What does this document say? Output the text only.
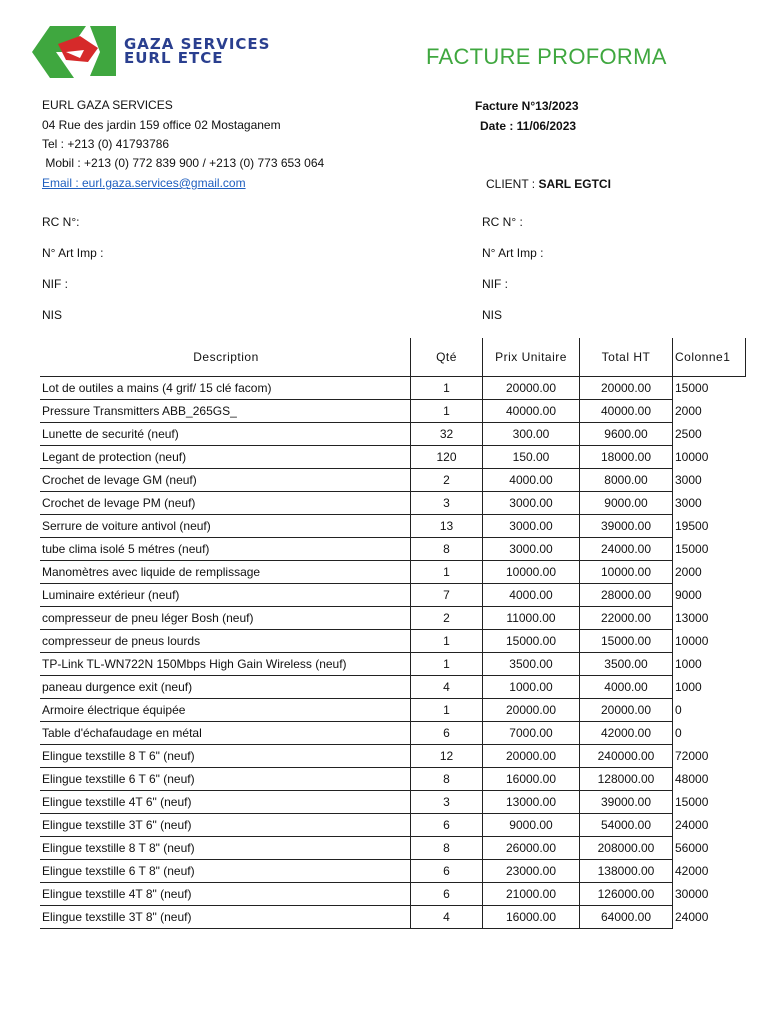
GAZA SERVICES
EURL ETCE	FACTURE PROFORMA
EURL GAZA SERVICES
04 Rue des jardin 159 office 02 Mostaganem
Tel : +213 (0) 41793786
Mobil : +213 (0) 772 839 900 / +213 (0) 773 653 064
Email : eurl.gaza.services@gmail.com
Facture N°13/2023
Date : 11/06/2023
CLIENT : SARL EGTCI
RC N°:
N° Art Imp :
NIF :
NIS
RC N° :
N° Art Imp :
NIF :
NIS
Description	Qté	Prix Unitaire	Total HT	Colonne1
Lot de outiles a mains (4 grif/ 15 clé facom)	1	20000.00	20000.00	15000
Pressure Transmitters ABB_265GS_	1	40000.00	40000.00	2000
Lunette de securité (neuf)	32	300.00	9600.00	2500
Legant de protection (neuf)	120	150.00	18000.00	10000
Crochet de levage GM (neuf)	2	4000.00	8000.00	3000
Crochet de levage PM (neuf)	3	3000.00	9000.00	3000
Serrure de voiture antivol (neuf)	13	3000.00	39000.00	19500
tube clima isolé 5 métres (neuf)	8	3000.00	24000.00	15000
Manomètres avec liquide de remplissage	1	10000.00	10000.00	2000
Luminaire extérieur (neuf)	7	4000.00	28000.00	9000
compresseur de pneu léger Bosh (neuf)	2	11000.00	22000.00	13000
compresseur de pneus lourds	1	15000.00	15000.00	10000
TP-Link TL-WN722N 150Mbps High Gain Wireless (neuf)	1	3500.00	3500.00	1000
paneau durgence exit (neuf)	4	1000.00	4000.00	1000
Armoire électrique équipée	1	20000.00	20000.00	0
Table d'échafaudage en métal	6	7000.00	42000.00	0
Elingue texstille 8 T 6" (neuf)	12	20000.00	240000.00	72000
Elingue texstille 6 T 6" (neuf)	8	16000.00	128000.00	48000
Elingue texstille 4T 6" (neuf)	3	13000.00	39000.00	15000
Elingue texstille 3T 6" (neuf)	6	9000.00	54000.00	24000
Elingue texstille 8 T 8" (neuf)	8	26000.00	208000.00	56000
Elingue texstille 6 T 8" (neuf)	6	23000.00	138000.00	42000
Elingue texstille 4T 8" (neuf)	6	21000.00	126000.00	30000
Elingue texstille 3T 8" (neuf)	4	16000.00	64000.00	24000
